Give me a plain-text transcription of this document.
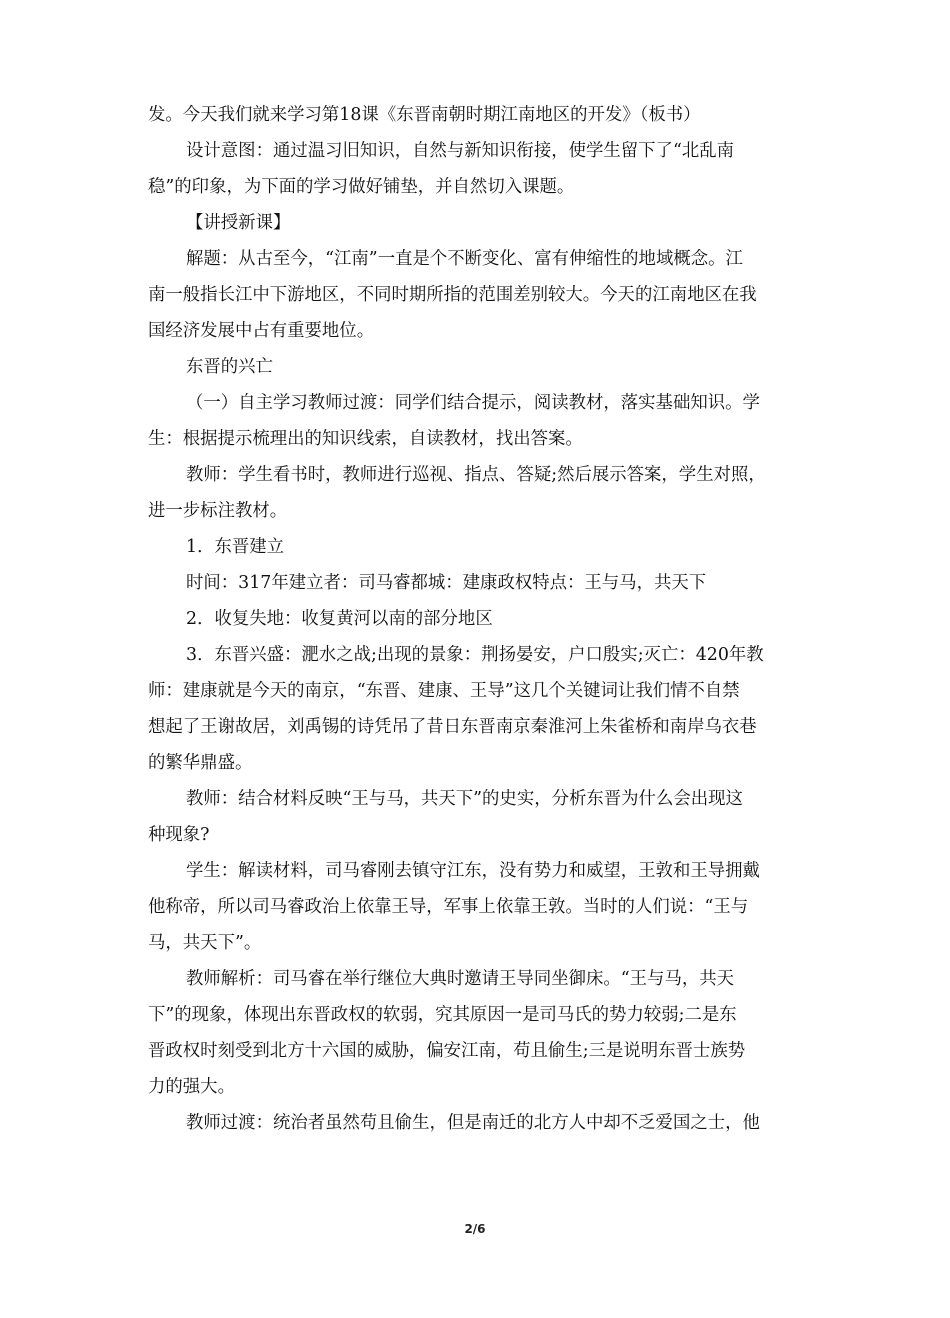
发。今天我们就来学习第18课《东晋南朝时期江南地区的开发》（板书）
设计意图：通过温习旧知识，自然与新知识衔接，使学生留下了“北乱南
稳”的印象，为下面的学习做好铺垫，并自然切入课题。
【讲授新课】
解题：从古至今，“江南”一直是个不断变化、富有伸缩性的地域概念。江
南一般指长江中下游地区，不同时期所指的范围差别较大。今天的江南地区在我
国经济发展中占有重要地位。
东晋的兴亡
（一）自主学习教师过渡：同学们结合提示，阅读教材，落实基础知识。学
生：根据提示梳理出的知识线索，自读教材，找出答案。
教师：学生看书时，教师进行巡视、指点、答疑;然后展示答案，学生对照，
进一步标注教材。
1．东晋建立
时间：317年建立者：司马睿都城：建康政权特点：王与马，共天下
2．收复失地：收复黄河以南的部分地区
3．东晋兴盛：淝水之战;出现的景象：荆扬晏安，户口殷实;灭亡：420年教
师：建康就是今天的南京，“东晋、建康、王导”这几个关键词让我们情不自禁
想起了王谢故居，刘禹锡的诗凭吊了昔日东晋南京秦淮河上朱雀桥和南岸乌衣巷
的繁华鼎盛。
教师：结合材料反映“王与马，共天下”的史实，分析东晋为什么会出现这
种现象?
学生：解读材料，司马睿刚去镇守江东，没有势力和威望，王敦和王导拥戴
他称帝，所以司马睿政治上依靠王导，军事上依靠王敦。当时的人们说：“王与
马，共天下”。
教师解析：司马睿在举行继位大典时邀请王导同坐御床。“王与马，共天
下”的现象，体现出东晋政权的软弱，究其原因一是司马氏的势力较弱;二是东
晋政权时刻受到北方十六国的威胁，偏安江南，苟且偷生;三是说明东晋士族势
力的强大。
教师过渡：统治者虽然苟且偷生，但是南迁的北方人中却不乏爱国之士，他
2/6
